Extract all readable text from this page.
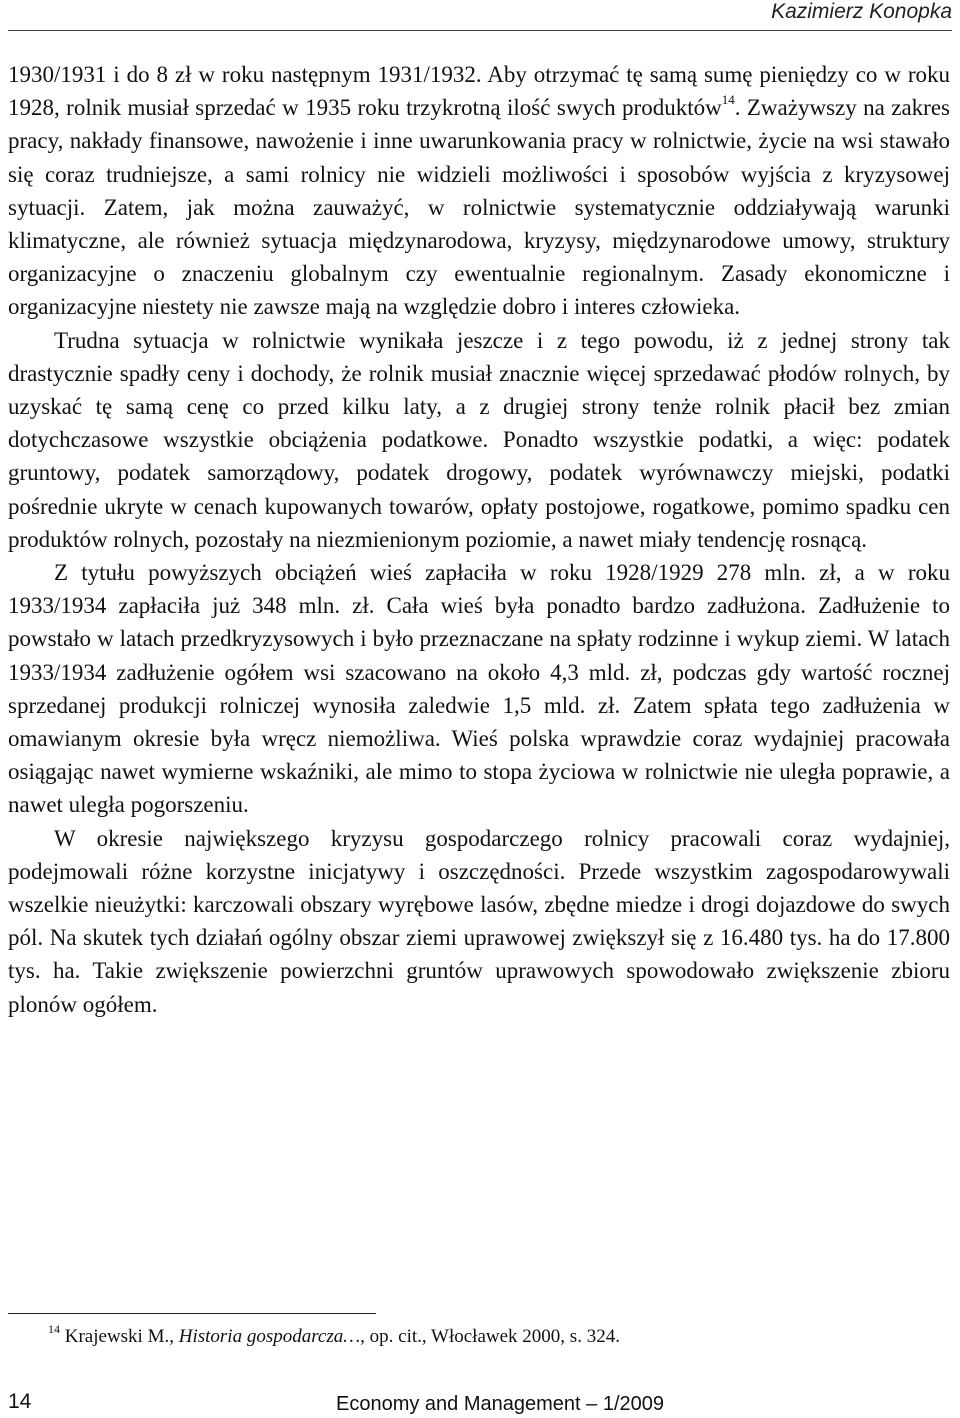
Kazimierz Konopka

1930/1931 i do 8 zł w roku następnym 1931/1932. Aby otrzymać tę samą sumę pieniędzy co w roku 1928, rolnik musiał sprzedać w 1935 roku trzykrotną ilość swych produktów$^{14}$. Zważywszy na zakres pracy, nakłady finansowe, nawożenie i inne uwarunkowania pracy w rolnictwie, życie na wsi stawało się coraz trudniejsze, a sami rolnicy nie widzieli możliwości i sposobów wyjścia z kryzysowej sytuacji. Zatem, jak można zauważyć, w rolnictwie systematycznie oddziaływają warunki klimatyczne, ale również sytuacja międzynarodowa, kryzysy, międzynarodowe umowy, struktury organizacyjne o znaczeniu globalnym czy ewentualnie regionalnym. Zasady ekonomiczne i organizacyjne niestety nie zawsze mają na względzie dobro i interes człowieka.

Trudna sytuacja w rolnictwie wynikała jeszcze i z tego powodu, iż z jednej strony tak drastycznie spadły ceny i dochody, że rolnik musiał znacznie więcej sprzedawać płodów rolnych, by uzyskać tę samą cenę co przed kilku laty, a z drugiej strony tenże rolnik płacił bez zmian dotychczasowe wszystkie obciążenia podatkowe. Ponadto wszystkie podatki, a więc: podatek gruntowy, podatek samorządowy, podatek drogowy, podatek wyrównawczy miejski, podatki pośrednie ukryte w cenach kupowanych towarów, opłaty postojowe, rogatkowe, pomimo spadku cen produktów rolnych, pozostały na niezmienionym poziomie, a nawet miały tendencję rosnącą.

Z tytułu powyższych obciążeń wieś zapłaciła w roku 1928/1929 278 mln. zł, a w roku 1933/1934 zapłaciła już 348 mln. zł. Cała wieś była ponadto bardzo zadłużona. Zadłużenie to powstało w latach przedkryzysowych i było przeznaczane na spłaty rodzinne i wykup ziemi. W latach 1933/1934 zadłużenie ogółem wsi szacowano na około 4,3 mld. zł, podczas gdy wartość rocznej sprzedanej produkcji rolniczej wynosiła zaledwie 1,5 mld. zł. Zatem spłata tego zadłużenia w omawianym okresie była wręcz niemożliwa. Wieś polska wprawdzie coraz wydajniej pracowała osiągając nawet wymierne wskaźniki, ale mimo to stopa życiowa w rolnictwie nie uległa poprawie, a nawet uległa pogorszeniu.

W okresie największego kryzysu gospodarczego rolnicy pracowali coraz wydajniej, podejmowali różne korzystne inicjatywy i oszczędności. Przede wszystkim zagospodarowywali wszelkie nieużytki: karczowali obszary wyrębowe lasów, zbędne miedze i drogi dojazdowe do swych pól. Na skutek tych działań ogólny obszar ziemi uprawowej zwiększył się z 16.480 tys. ha do 17.800 tys. ha. Takie zwiększenie powierzchni gruntów uprawowych spowodowało zwiększenie zbioru plonów ogółem.

$^{14}$ Krajewski M., Historia gospodarcza…, op. cit., Włocławek 2000, s. 324.
14	Economy and Management – 1/2009
